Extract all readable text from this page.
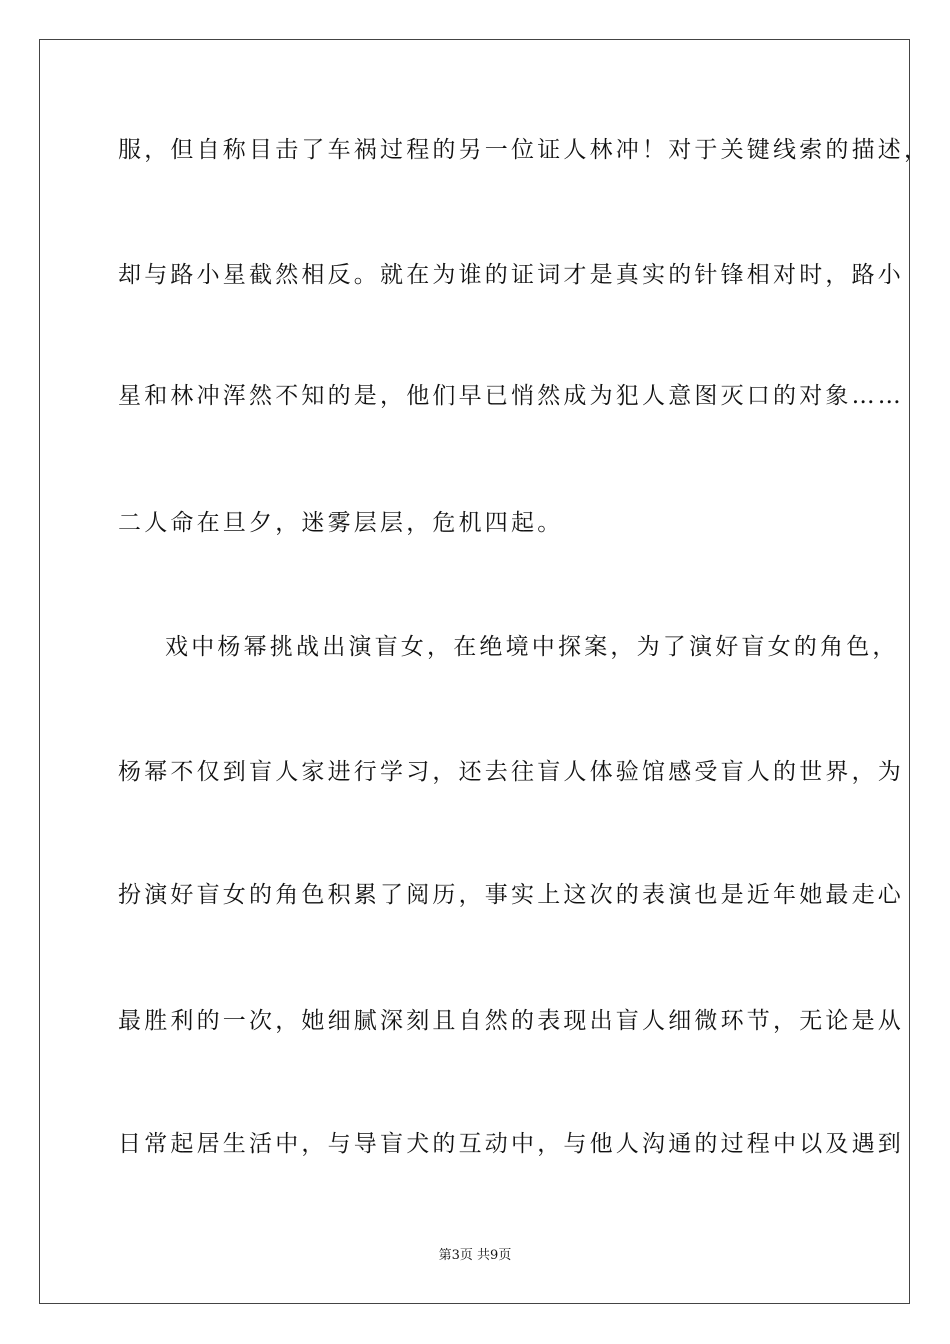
服，但自称目击了车祸过程的另一位证人林冲！对于关键线索的描述，
却与路小星截然相反。就在为谁的证词才是真实的针锋相对时，路小
星和林冲浑然不知的是，他们早已悄然成为犯人意图灭口的对象……
二人命在旦夕，迷雾层层，危机四起。
戏中杨幂挑战出演盲女，在绝境中探案，为了演好盲女的角色，
杨幂不仅到盲人家进行学习，还去往盲人体验馆感受盲人的世界，为
扮演好盲女的角色积累了阅历，事实上这次的表演也是近年她最走心
最胜利的一次，她细腻深刻且自然的表现出盲人细微环节，无论是从
日常起居生活中，与导盲犬的互动中，与他人沟通的过程中以及遇到
第3页 共9页
